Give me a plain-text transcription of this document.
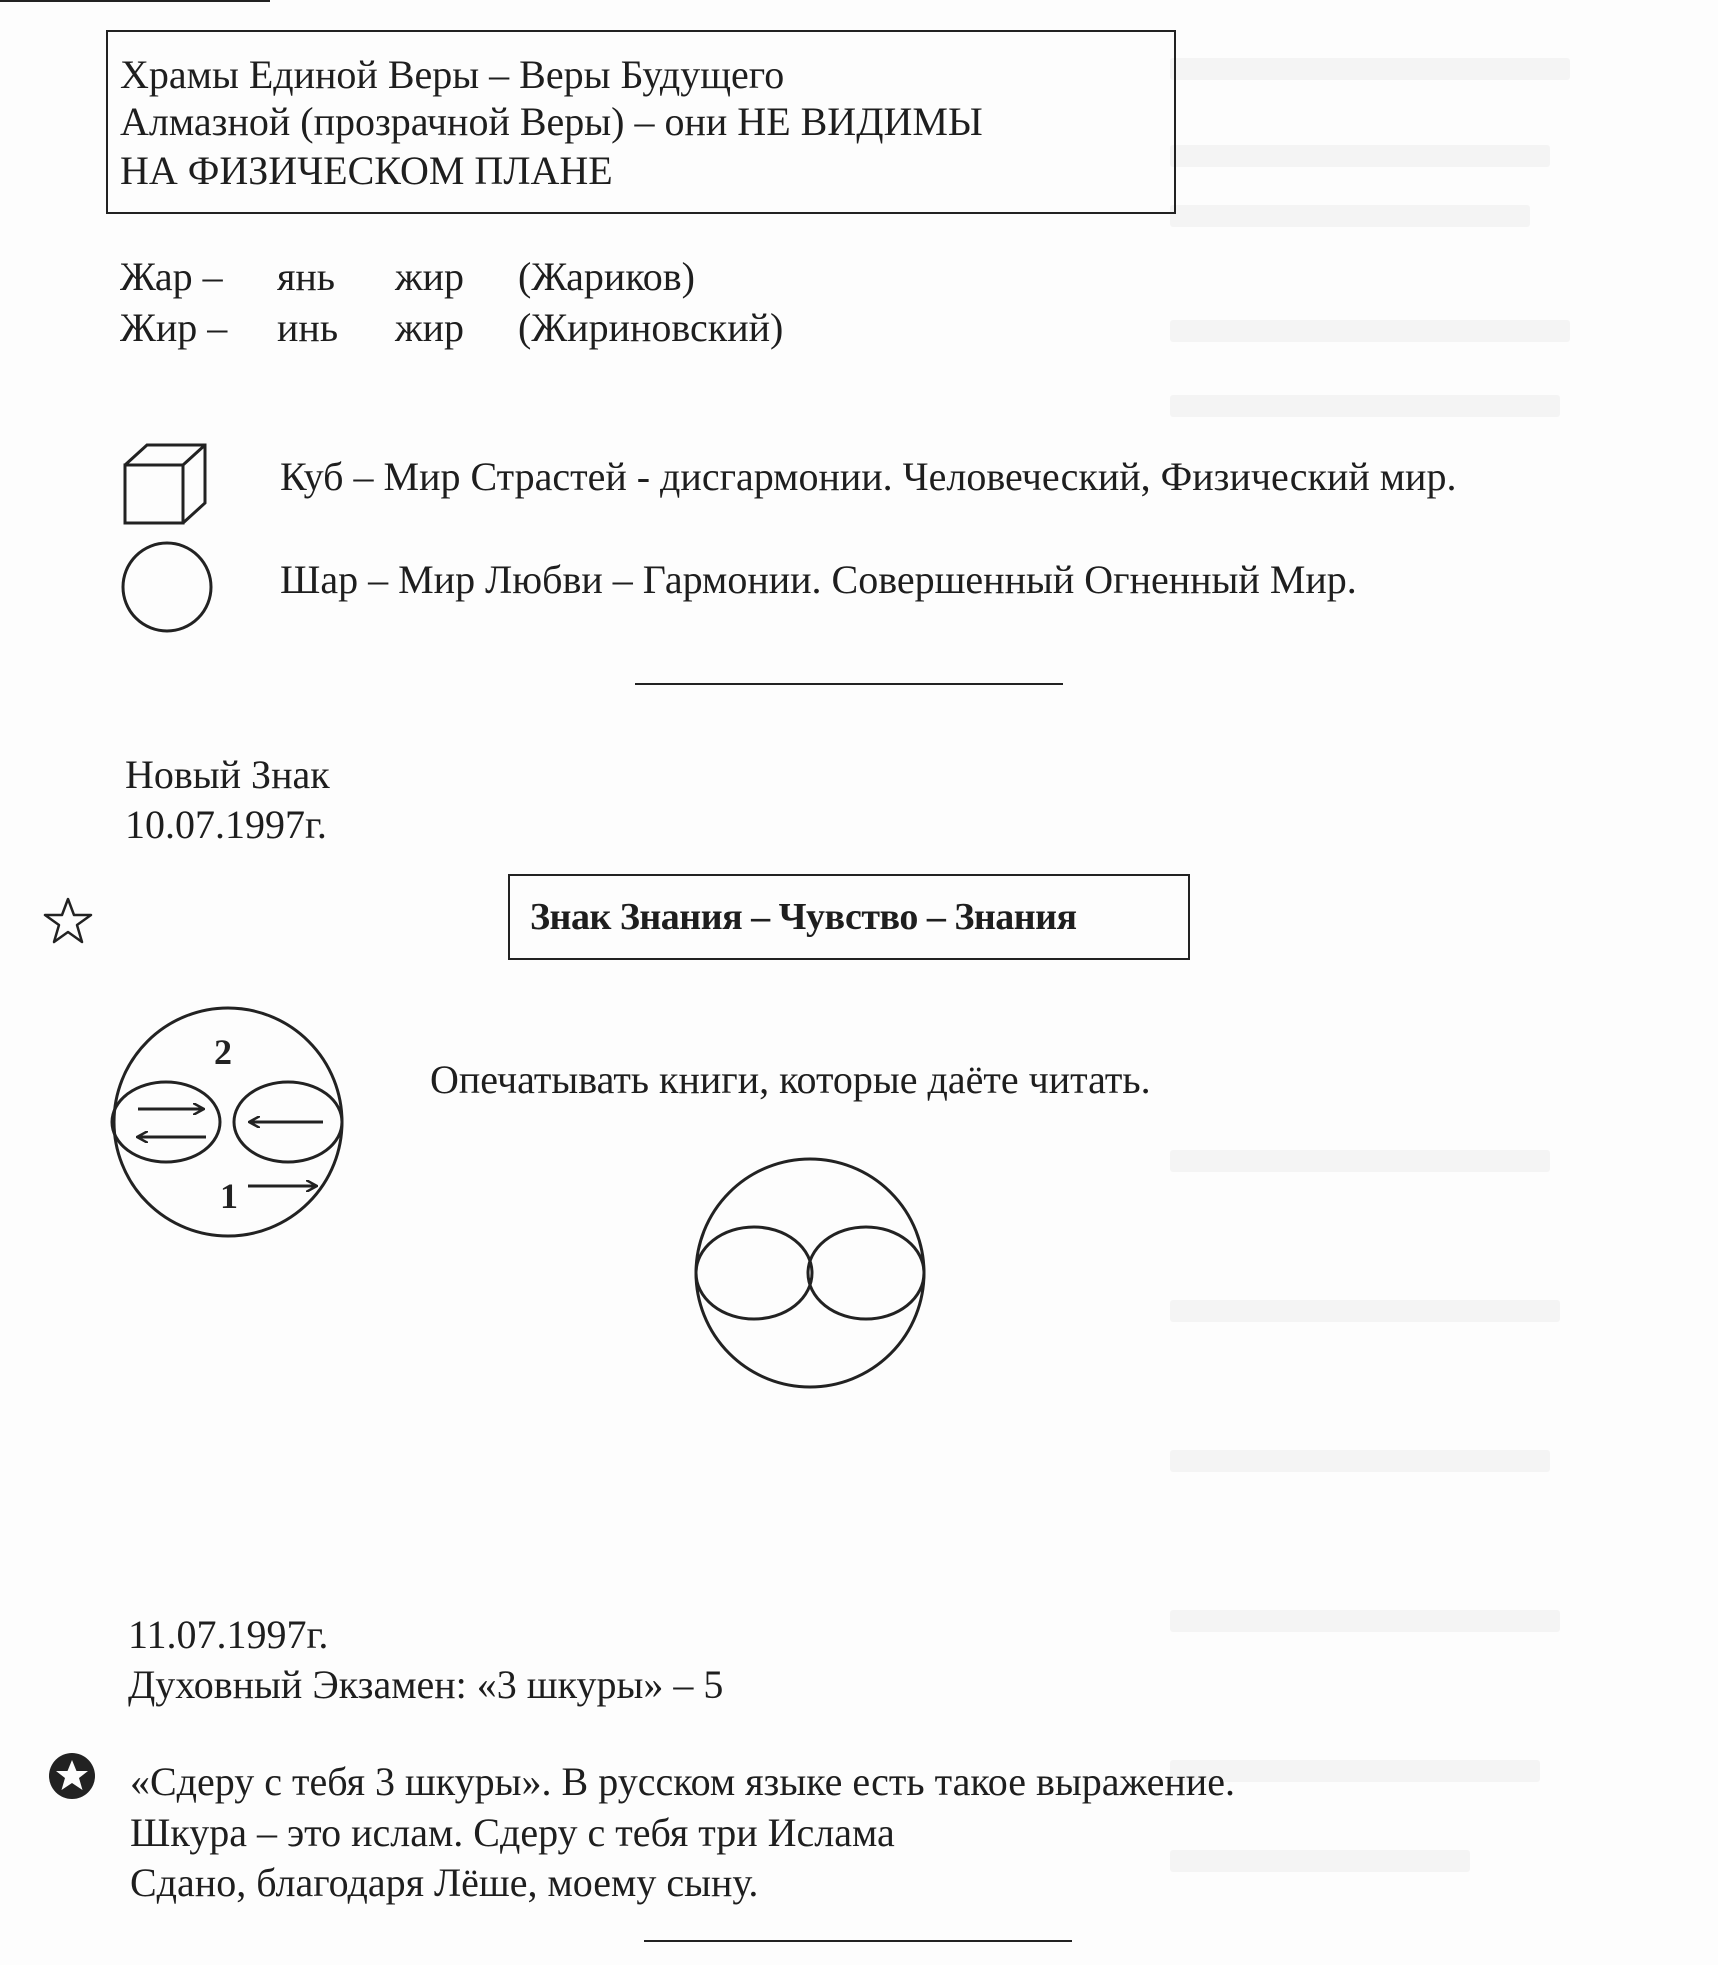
Храмы Единой Веры – Веры Будущего
Алмазной (прозрачной Веры) – они НЕ ВИДИМЫ
НА ФИЗИЧЕСКОМ ПЛАНЕ
Жар – янь жир (Жариков)
Жир – инь жир (Жириновский)
Куб – Мир Страстей - дисгармонии. Человеческий, Физический мир.
Шар – Мир Любви – Гармонии. Совершенный Огненный Мир.
Новый Знак
10.07.1997г.
Знак Знания – Чувство – Знания
2
1
Опечатывать книги, которые даёте читать.
11.07.1997г.
Духовный Экзамен: «3 шкуры» – 5
«Сдеру с тебя 3 шкуры». В русском языке есть такое выражение.
Шкура – это ислам. Сдеру с тебя три Ислама
Сдано, благодаря Лёше, моему сыну.
